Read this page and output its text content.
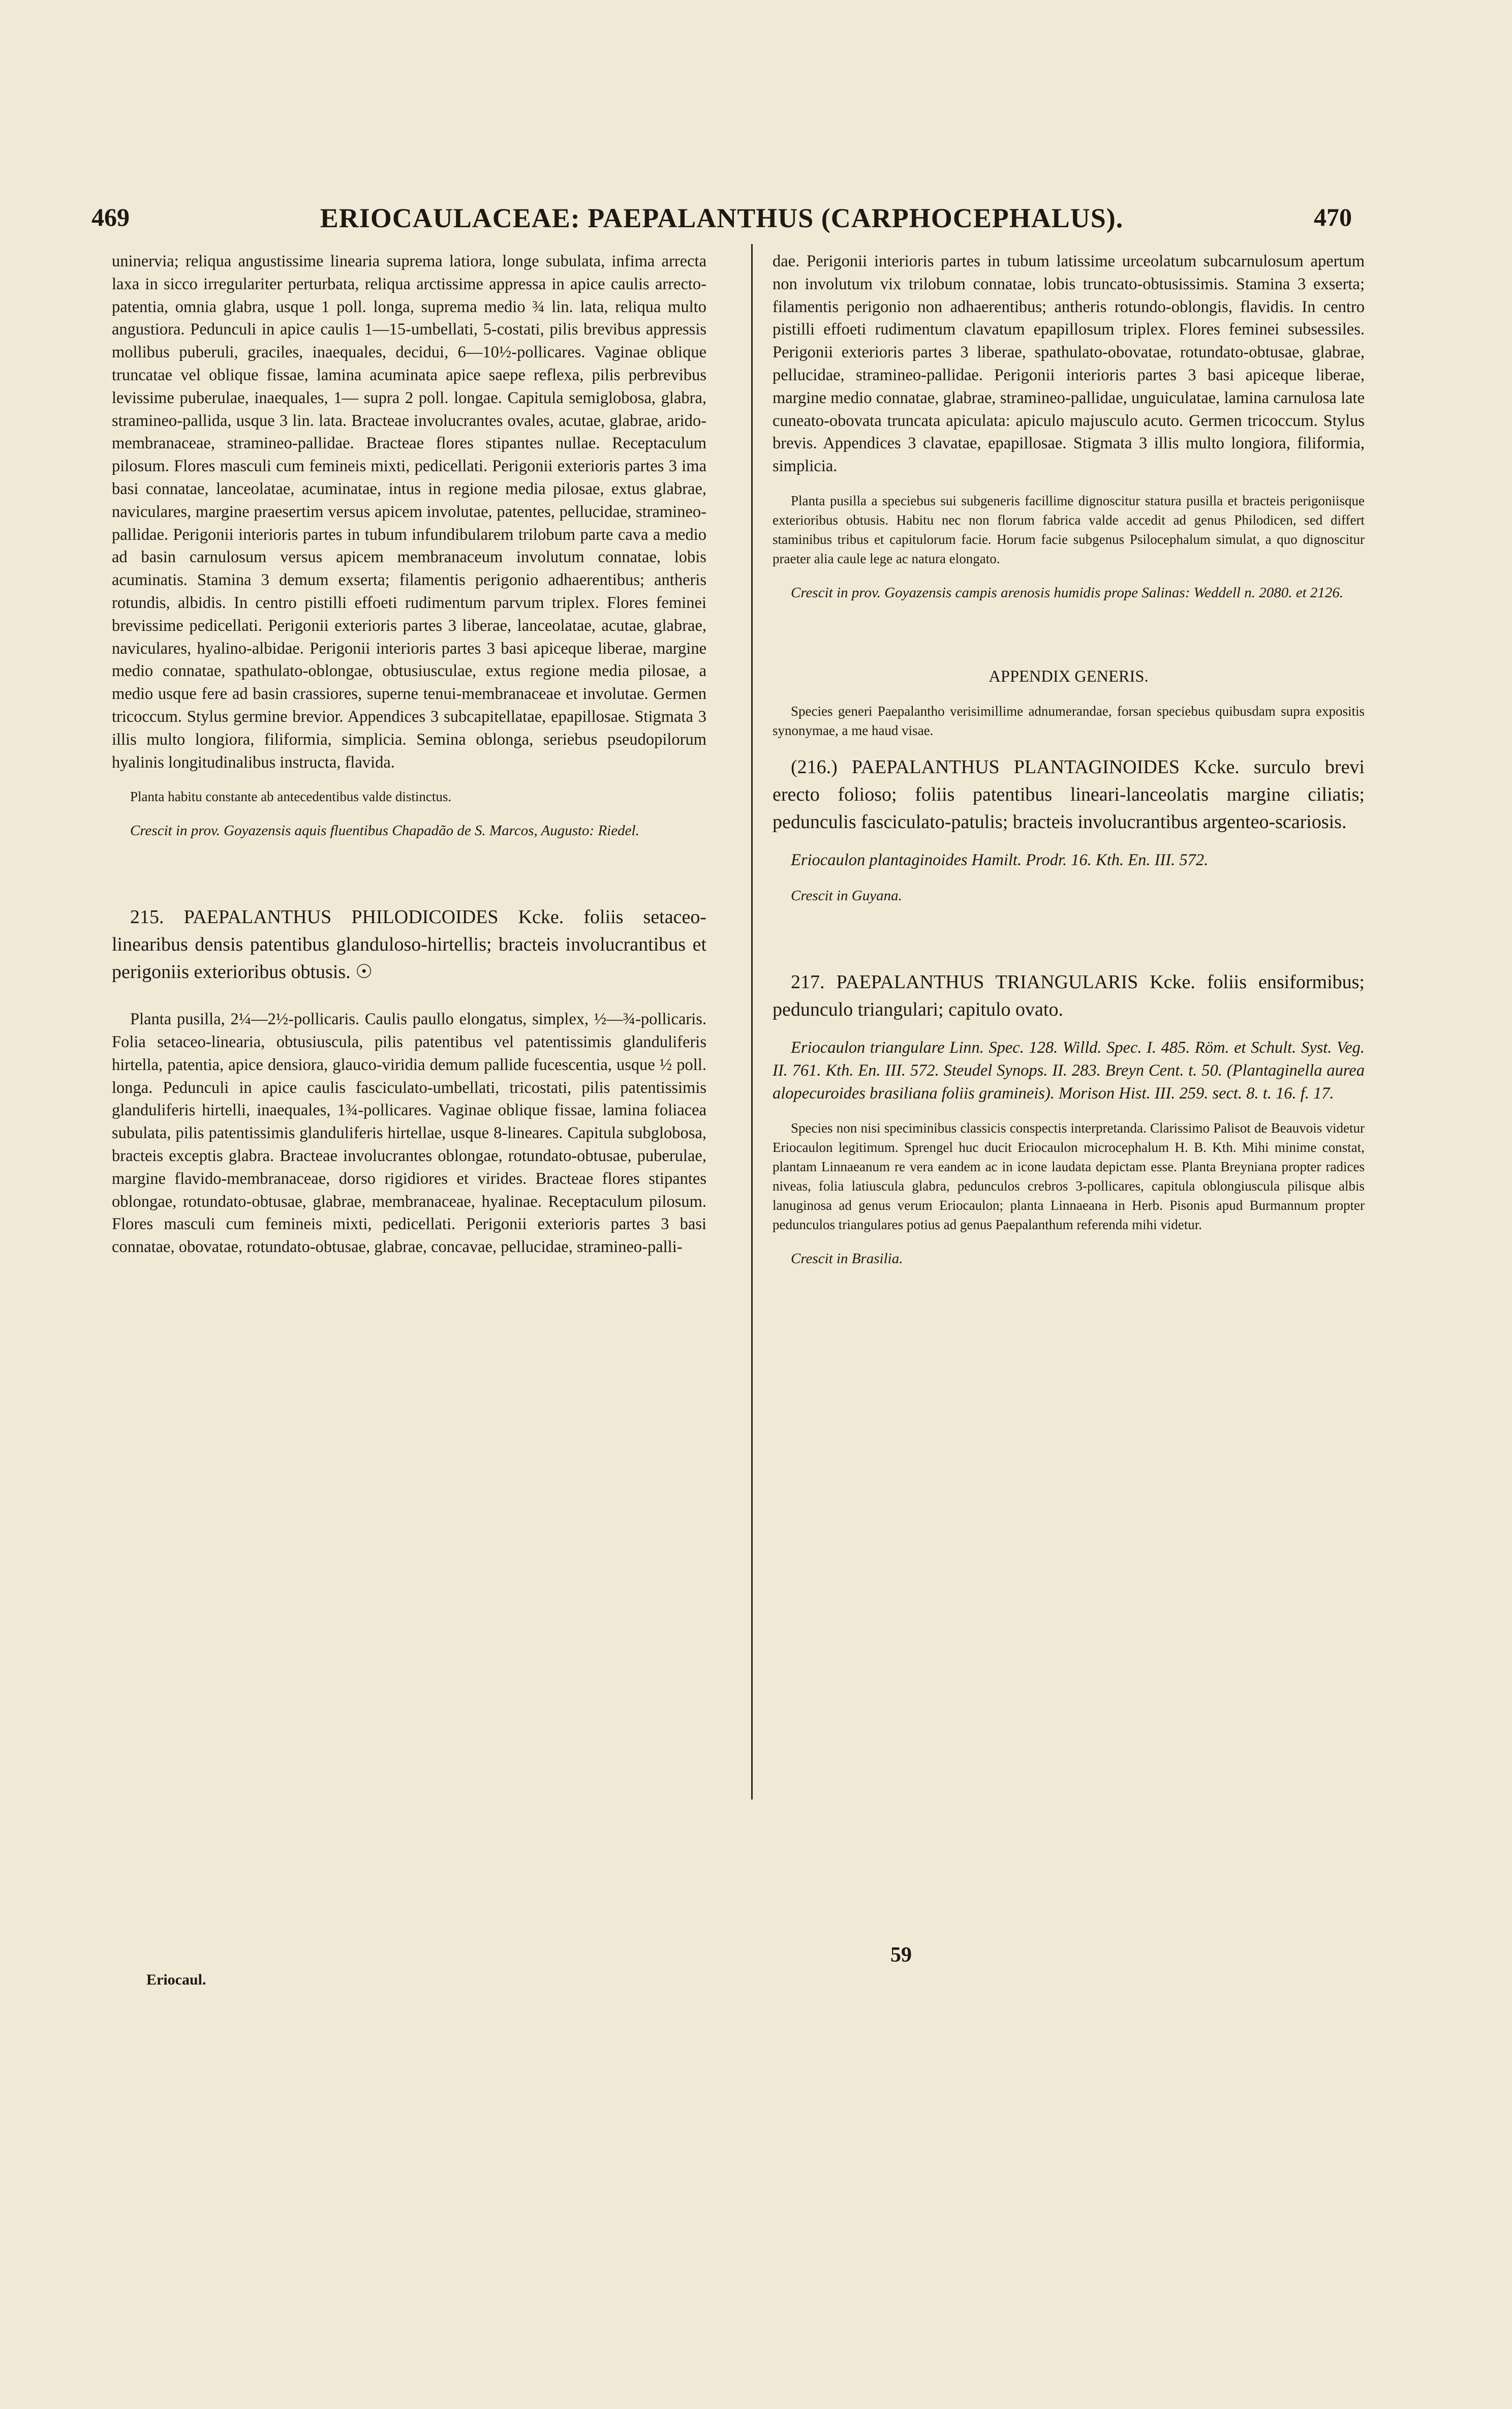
469	ERIOCAULACEAE: PAEPALANTHUS (CARPHOCEPHALUS).	470

uninervia; reliqua angustissime linearia suprema latiora, longe subulata, infima arrecta laxa in sicco irregulariter perturbata, reliqua arctissime appressa in apice caulis arrecto-patentia, omnia glabra, usque 1 poll. longa, suprema medio ¾ lin. lata, reliqua multo angustiora. Pedunculi in apice caulis 1—15-umbellati, 5-costati, pilis brevibus appressis mollibus puberuli, graciles, inaequales, decidui, 6—10½-pollicares. Vaginae oblique truncatae vel oblique fissae, lamina acuminata apice saepe reflexa, pilis perbrevibus levissime puberulae, inaequales, 1— supra 2 poll. longae. Capitula semiglobosa, glabra, stramineo-pallida, usque 3 lin. lata. Bracteae involucrantes ovales, acutae, glabrae, arido-membranaceae, stramineo-pallidae. Bracteae flores stipantes nullae. Receptaculum pilosum. Flores masculi cum femineis mixti, pedicellati. Perigonii exterioris partes 3 ima basi connatae, lanceolatae, acuminatae, intus in regione media pilosae, extus glabrae, naviculares, margine praesertim versus apicem involutae, patentes, pellucidae, stramineo-pallidae. Perigonii interioris partes in tubum infundibularem trilobum parte cava a medio ad basin carnulosum versus apicem membranaceum involutum connatae, lobis acuminatis. Stamina 3 demum exserta; filamentis perigonio adhaerentibus; antheris rotundis, albidis. In centro pistilli effoeti rudimentum parvum triplex. Flores feminei brevissime pedicellati. Perigonii exterioris partes 3 liberae, lanceolatae, acutae, glabrae, naviculares, hyalino-albidae. Perigonii interioris partes 3 basi apiceque liberae, margine medio connatae, spathulato-oblongae, obtusiusculae, extus regione media pilosae, a medio usque fere ad basin crassiores, superne tenui-membranaceae et involutae. Germen tricoccum. Stylus germine brevior. Appendices 3 subcapitellatae, epapillosae. Stigmata 3 illis multo longiora, filiformia, simplicia. Semina oblonga, seriebus pseudopilorum hyalinis longitudinalibus instructa, flavida.

Planta habitu constante ab antecedentibus valde distinctus.

Crescit in prov. Goyazensis aquis fluentibus Chapadão de S. Marcos, Augusto: Riedel.

215. PAEPALANTHUS PHILODICOIDES Kcke. foliis setaceo-linearibus densis patentibus glanduloso-hirtellis; bracteis involucrantibus et perigoniis exterioribus obtusis. ☉

Planta pusilla, 2¼—2½-pollicaris. Caulis paullo elongatus, simplex, ½—¾-pollicaris. Folia setaceo-linearia, obtusiuscula, pilis patentibus vel patentissimis glanduliferis hirtella, patentia, apice densiora, glauco-viridia demum pallide fucescentia, usque ½ poll. longa. Pedunculi in apice caulis fasciculato-umbellati, tricostati, pilis patentissimis glanduliferis hirtelli, inaequales, 1¾-pollicares. Vaginae oblique fissae, lamina foliacea subulata, pilis patentissimis glanduliferis hirtellae, usque 8-lineares. Capitula subglobosa, bracteis exceptis glabra. Bracteae involucrantes oblongae, rotundato-obtusae, puberulae, margine flavido-membranaceae, dorso rigidiores et virides. Bracteae flores stipantes oblongae, rotundato-obtusae, glabrae, membranaceae, hyalinae. Receptaculum pilosum. Flores masculi cum femineis mixti, pedicellati. Perigonii exterioris partes 3 basi connatae, obovatae, rotundato-obtusae, glabrae, concavae, pellucidae, stramineo-palli-

dae. Perigonii interioris partes in tubum latissime urceolatum subcarnulosum apertum non involutum vix trilobum connatae, lobis truncato-obtusissimis. Stamina 3 exserta; filamentis perigonio non adhaerentibus; antheris rotundo-oblongis, flavidis. In centro pistilli effoeti rudimentum clavatum epapillosum triplex. Flores feminei subsessiles. Perigonii exterioris partes 3 liberae, spathulato-obovatae, rotundato-obtusae, glabrae, pellucidae, stramineo-pallidae. Perigonii interioris partes 3 basi apiceque liberae, margine medio connatae, glabrae, stramineo-pallidae, unguiculatae, lamina carnulosa late cuneato-obovata truncata apiculata: apiculo majusculo acuto. Germen tricoccum. Stylus brevis. Appendices 3 clavatae, epapillosae. Stigmata 3 illis multo longiora, filiformia, simplicia.

Planta pusilla a speciebus sui subgeneris facillime dignoscitur statura pusilla et bracteis perigoniisque exterioribus obtusis. Habitu nec non florum fabrica valde accedit ad genus Philodicen, sed differt staminibus tribus et capitulorum facie. Horum facie subgenus Psilocephalum simulat, a quo dignoscitur praeter alia caule lege ac natura elongato.

Crescit in prov. Goyazensis campis arenosis humidis prope Salinas: Weddell n. 2080. et 2126.

APPENDIX GENERIS.

Species generi Paepalantho verisimillime adnumerandae, forsan speciebus quibusdam supra expositis synonymae, a me haud visae.

(216.) PAEPALANTHUS PLANTAGINOIDES Kcke. surculo brevi erecto folioso; foliis patentibus lineari-lanceolatis margine ciliatis; pedunculis fasciculato-patulis; bracteis involucrantibus argenteo-scariosis.

Eriocaulon plantaginoides Hamilt. Prodr. 16. Kth. En. III. 572.

Crescit in Guyana.

217. PAEPALANTHUS TRIANGULARIS Kcke. foliis ensiformibus; pedunculo triangulari; capitulo ovato.

Eriocaulon triangulare Linn. Spec. 128. Willd. Spec. I. 485. Röm. et Schult. Syst. Veg. II. 761. Kth. En. III. 572. Steudel Synops. II. 283. Breyn Cent. t. 50. (Plantaginella aurea alopecuroides brasiliana foliis gramineis). Morison Hist. III. 259. sect. 8. t. 16. f. 17.

Species non nisi speciminibus classicis conspectis interpretanda. Clarissimo Palisot de Beauvois videtur Eriocaulon legitimum. Sprengel huc ducit Eriocaulon microcephalum H. B. Kth. Mihi minime constat, plantam Linnaeanum re vera eandem ac in icone laudata depictam esse. Planta Breyniana propter radices niveas, folia latiuscula glabra, pedunculos crebros 3-pollicares, capitula oblongiuscula pilisque albis lanuginosa ad genus verum Eriocaulon; planta Linnaeana in Herb. Pisonis apud Burmannum propter pedunculos triangulares potius ad genus Paepalanthum referenda mihi videtur.

Crescit in Brasilia.

59
Eriocaul.
